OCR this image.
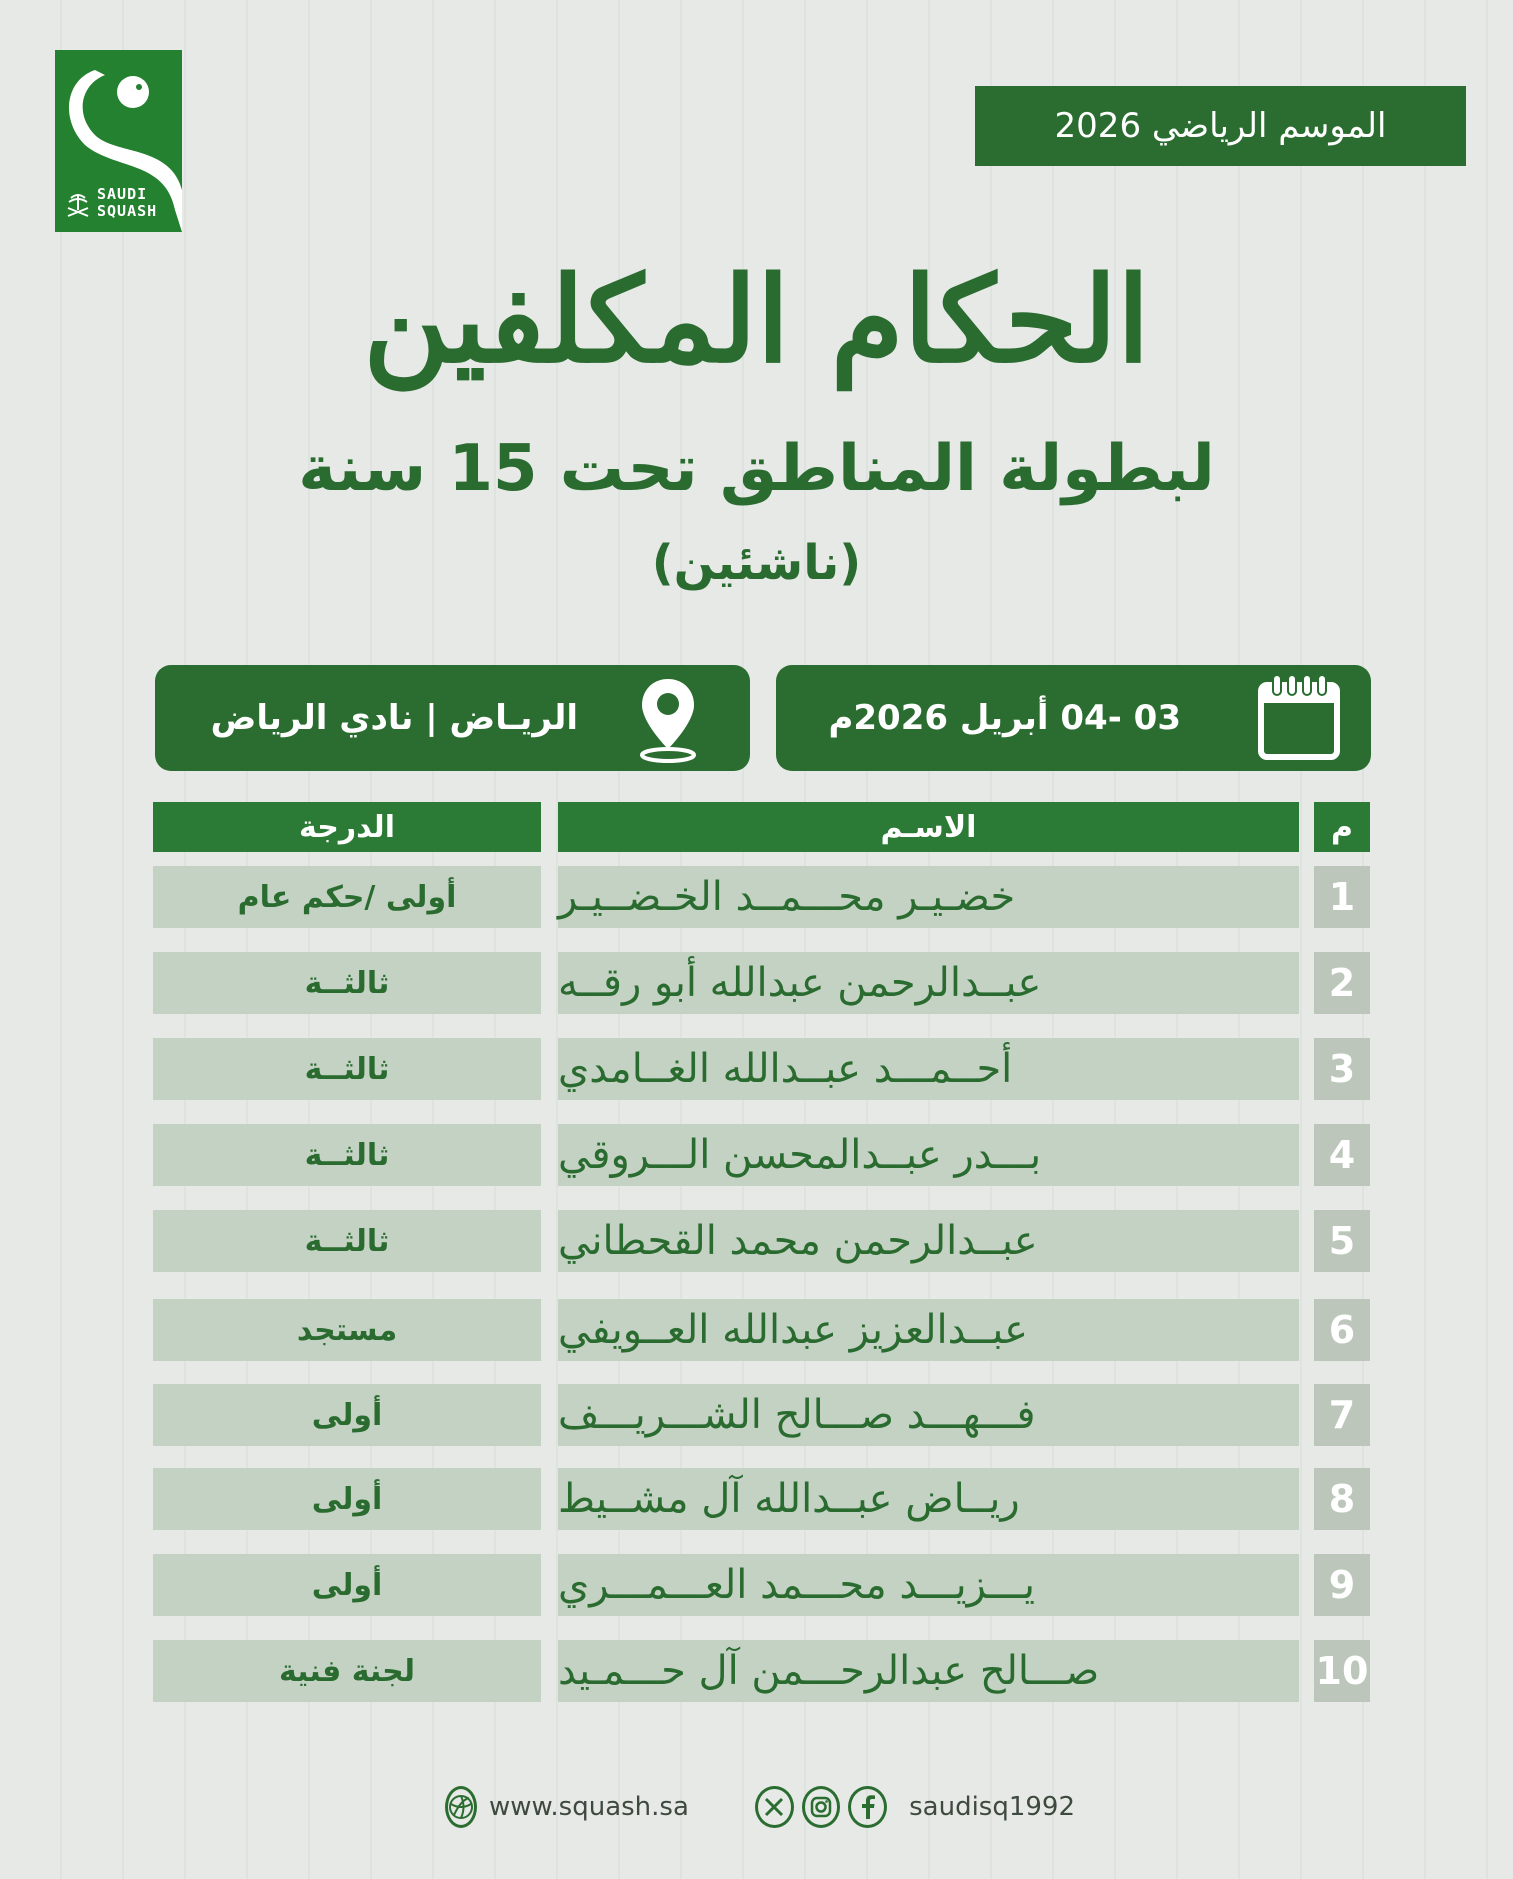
SAUDI
SQUASH
الموسم الرياضي 2026
الحكام المكلفين
لبطولة المناطق تحت 15 سنة
(ناشئين)
الريـاض | نادي الرياض	03 -04 أبريل 2026م
الدرجة	الاسـم	م
أولى /حكم عام	خضـيـر محـــمــد الخـضــيـر	1
ثالثــة	عبــدالرحمن عبدالله أبو رقــه	2
ثالثــة	أحــمـــد عبــدالله الغــامدي	3
ثالثــة	بـــدر عبــدالمحسن الـــروقي	4
ثالثــة	عبــدالرحمن محمد القحطاني	5
مستجد	عبــدالعزيز عبدالله العــويفي	6
أولى	فـــهـــد صـــالح الشـــريـــف	7
أولى	ريــاض عبــدالله آل مشــيط	8
أولى	يـــزيـــد محـــمد العـــمـــري	9
لجنة فنية	صـــالح عبدالرحـــمن آل حـــمـيد	10
www.squash.sa	saudisq1992
